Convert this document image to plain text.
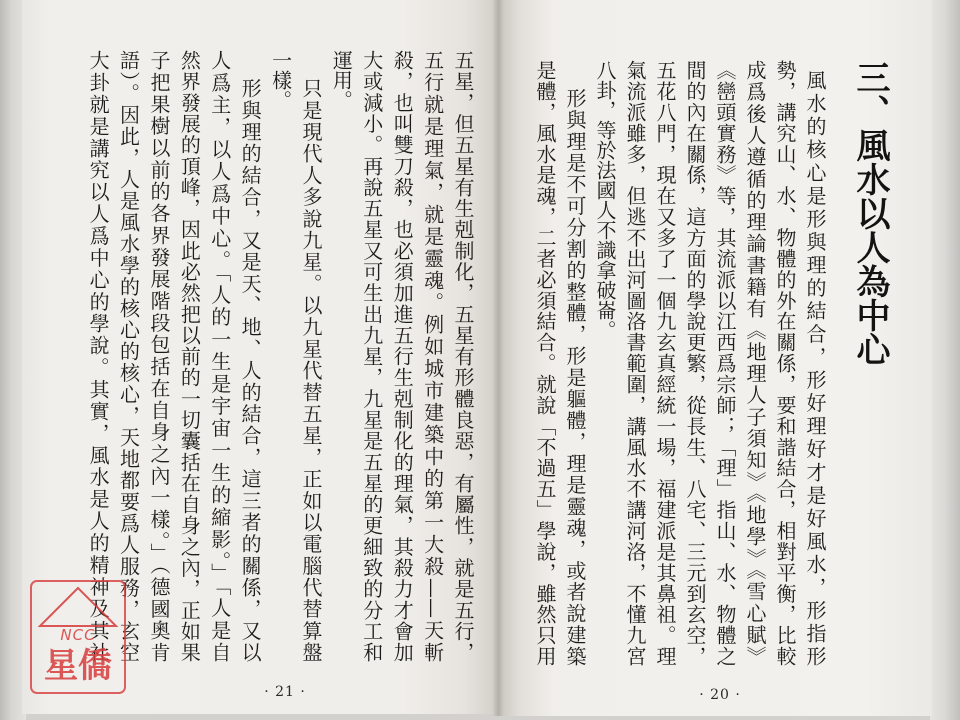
三、風水以人為中心
風水的核心是形與理的結合，形好理好才是好風水，形指形
勢，講究山、水、物體的外在關係，要和諧結合，相對平衡，比較
成爲後人遵循的理論書籍有《地理人子須知》《地學》《雪心賦》
《巒頭實務》等，其流派以江西爲宗師；「理」指山、水、物體之
間的內在關係，這方面的學說更繁，從長生、八宅、三元到玄空，
五花八門，現在又多了一個九玄真經統一場，福建派是其鼻祖。理
氣流派雖多，但逃不出河圖洛書範圍，講風水不講河洛，不懂九宮
八卦，等於法國人不識拿破崙。
形與理是不可分割的整體，形是軀體，理是靈魂，或者說建築
是體，風水是魂，二者必須結合。就說「不過五」學說，雖然只用
· 20 ·
五星，但五星有生剋制化，五星有形體良惡，有屬性，就是五行，
五行就是理氣，就是靈魂。例如城市建築中的第一大殺——天斬
殺，也叫雙刀殺，也必須加進五行生剋制化的理氣，其殺力才會加
大或減小。再說五星又可生出九星，九星是五星的更細致的分工和
運用。
只是現代人多說九星。以九星代替五星，正如以電腦代替算盤
一樣。
形與理的結合，又是天、地、人的結合，這三者的關係，又以
人爲主，以人爲中心。「人的一生是宇宙一生的縮影。」「人是自
然界發展的頂峰，因此必然把以前的一切囊括在自身之內，正如果
子把果樹以前的各界發展階段包括在自身之內一樣。」（德國奧肯
語）。因此，人是風水學的核心的核心，天地都要爲人服務，玄空
大卦就是講究以人爲中心的學說。其實，風水是人的精神及其社
· 21 ·
NCC
星僑
